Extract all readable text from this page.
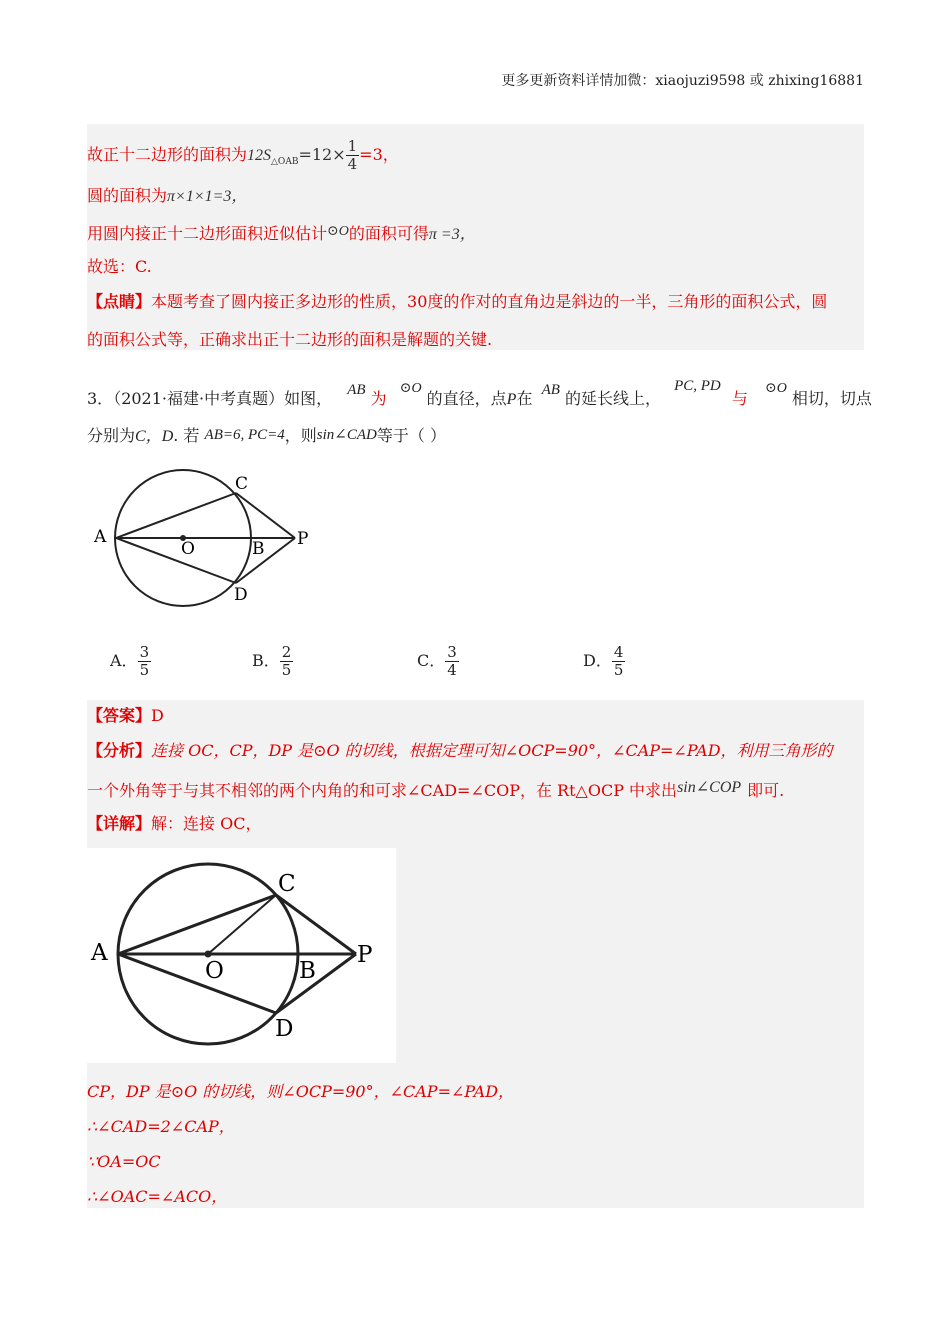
更多更新资料详情加微：xiaojuzi9598 或 zhixing16881
故正十二边形的面积为$12S_{\triangle OAB}=12\times \frac{1}{4} =3$，
圆的面积为π×1×1=3，
用圆内接正十二边形面积近似估计⊙O的面积可得π =3，
故选：C.
【点睛】本题考查了圆内接正多边形的性质，30度的作对的直角边是斜边的一半，三角形的面积公式，圆
的面积公式等，正确求出正十二边形的面积是解题的关键.
3．（2021·福建·中考真题）如图， AB 为 ⊙O 的直径，点P在 AB 的延长线上， PC, PD 与 ⊙O 相切，切点
分别为C，D. 若 AB=6, PC=4，则sin∠CAD等于（ ）
A
O	B P
C
D
A． $\frac{3}{5}$	B． $\frac{2}{5}$	C． $\frac{3}{4}$	D． $\frac{4}{5}$
【答案】D
【分析】连接 OC，CP，DP 是⊙O 的切线，根据定理可知∠OCP=90°，∠CAP=∠PAD，利用三角形的
一个外角等于与其不相邻的两个内角的和可求∠CAD=∠COP，在 Rt△OCP 中求出sin∠COP 即可.
【详解】解：连接 OC，
A
O	B
P
C
D
CP，DP 是⊙O 的切线，则∠OCP=90°，∠CAP=∠PAD，
∴∠CAD=2∠CAP，
∵OA=OC
∴∠OAC=∠ACO，
